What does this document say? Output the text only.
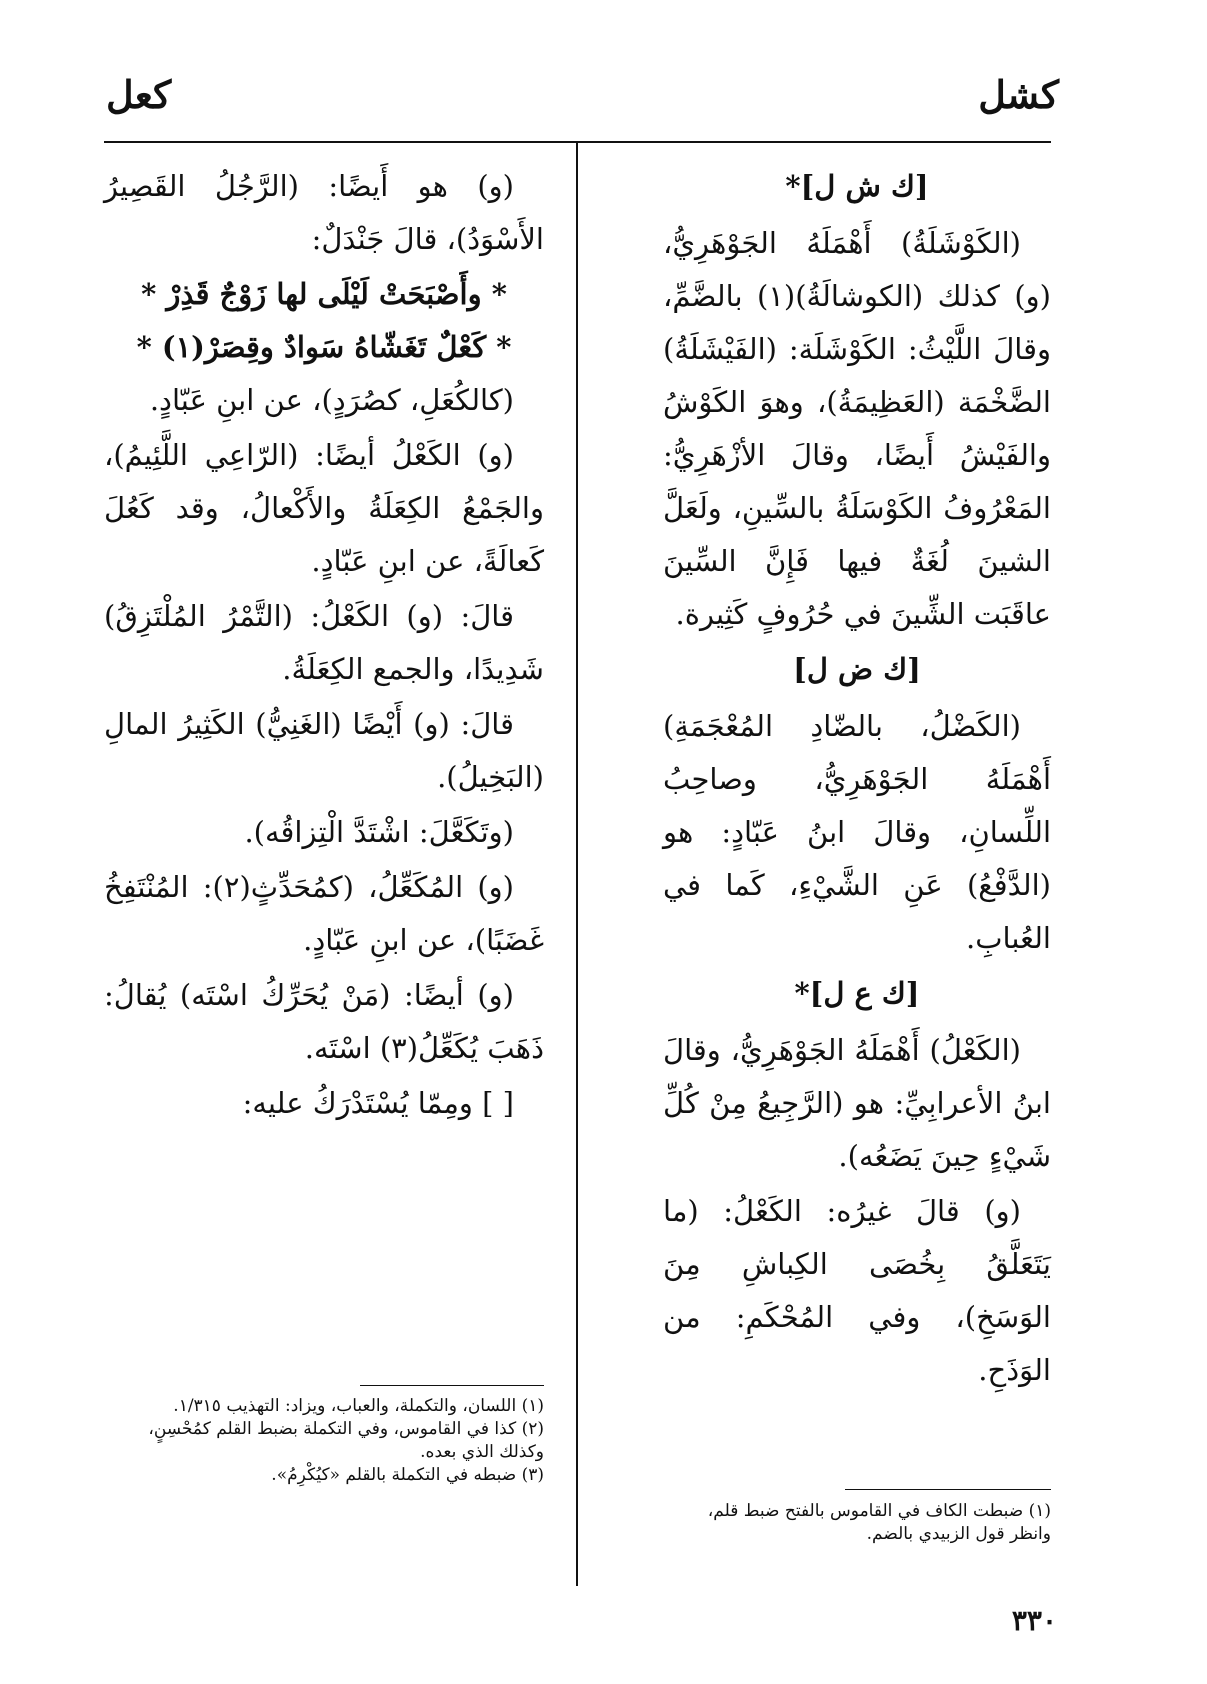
كشل
كعل

[ك ش ل]*

(الكَوْشَلَةُ) أَهْمَلَهُ الجَوْهَرِيُّ، (و) كذلك (الكوشالَةُ)(١) بالضَّمِّ، وقالَ اللَّيْثُ: الكَوْشَلَة: (الفَيْشَلَةُ) الضَّخْمَة (العَظِيمَةُ)، وهوَ الكَوْشُ والفَيْشُ أَيضًا، وقالَ الأزْهَرِيُّ: المَعْرُوفُ الكَوْسَلَةُ بالسِّينِ، ولَعَلَّ الشينَ لُغَةٌ فيها فَإِنَّ السِّينَ عاقَبَت الشِّينَ في حُرُوفٍ كَثِيرة.

[ك ض ل]

(الكَضْلُ، بالضّادِ المُعْجَمَةِ) أَهْمَلَهُ الجَوْهَرِيُّ، وصاحِبُ اللِّسانِ، وقالَ ابنُ عَبّادٍ: هو (الدَّفْعُ) عَنِ الشَّيْءِ، كَما في العُبابِ.

[ك ع ل]*

(الكَعْلُ) أَهْمَلَهُ الجَوْهَرِيُّ، وقالَ ابنُ الأعرابِيِّ: هو (الرَّجِيعُ مِنْ كُلِّ شَيْءٍ حِينَ يَضَعُه).

(و) قالَ غيرُه: الكَعْلُ: (ما يَتَعَلَّقُ بِخُصَى الكِباشِ مِنَ الوَسَخِ)، وفي المُحْكَمِ: من الوَذَحِ.

(و) هو أَيضًا: (الرَّجُلُ القَصِيرُ الأَسْوَدُ)، قالَ جَنْدَلٌ:

* وأَصْبَحَتْ لَيْلَى لها زَوْجٌ قَذِرْ *

* كَعْلٌ تَغَشّاهُ سَوادٌ وقِصَرْ(١) *

(كالكُعَلِ، كصُرَدٍ)، عن ابنِ عَبّادٍ.

(و) الكَعْلُ أيضًا: (الرّاعِي اللَّئِيمُ)، والجَمْعُ الكِعَلَةُ والأَكْعالُ، وقد كَعُلَ كَعالَةً، عن ابنِ عَبّادٍ.

قالَ: (و) الكَعْلُ: (التَّمْرُ المُلْتَزِقُ) شَدِيدًا، والجمع الكِعَلَةُ.

قالَ: (و) أَيْضًا (الغَنِيُّ) الكَثِيرُ المالِ (البَخِيلُ).

(وتَكَعَّلَ: اشْتَدَّ الْتِزاقُه).

(و) المُكَعِّلُ، (كمُحَدِّثٍ(٢): المُنْتَفِخُ غَضَبًا)، عن ابنِ عَبّادٍ.

(و) أيضًا: (مَنْ يُحَرِّكُ اسْتَه) يُقالُ: ذَهَبَ يُكَعِّلُ(٣) اسْتَه.

[ ] ومِمّا يُسْتَدْرَكُ عليه:

(١) ضبطت الكاف في القاموس بالفتح ضبط قلم، وانظر قول الزبيدي بالضم.

(١) اللسان، والتكملة، والعباب، ويزاد: التهذيب ١/٣١٥.

(٢) كذا في القاموس، وفي التكملة بضبط القلم كمُحْسِنٍ، وكذلك الذي بعده.

(٣) ضبطه في التكملة بالقلم «كيُكْرِمُ».

٣٣٠
